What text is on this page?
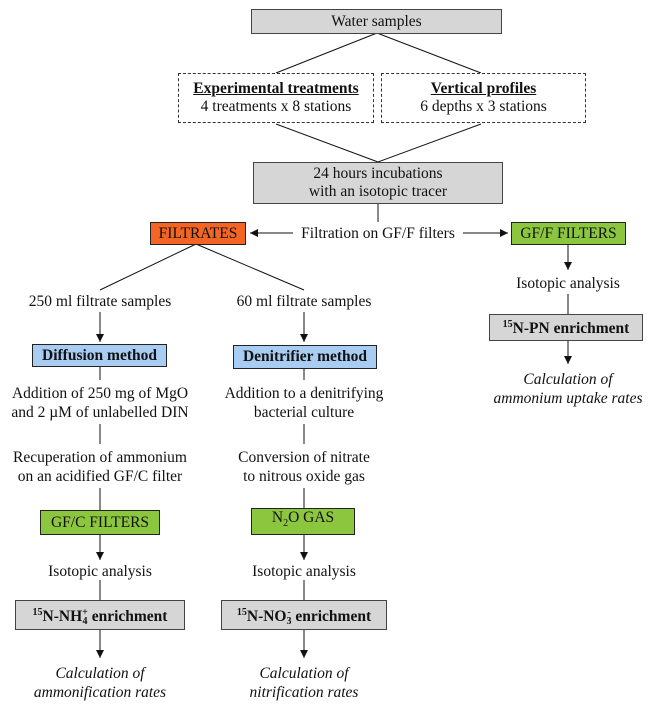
Water samples
Experimental treatments
4 treatments x 8 stations
Vertical profiles
6 depths x 3 stations
24 hours incubations
with an isotopic tracer
Filtration on GF/F filters
FILTRATES	GF/F FILTERS
250 ml filtrate samples
Diffusion method
Addition of 250 mg of MgO
and 2 µM of unlabelled DIN
Recuperation of ammonium
on an acidified GF/C filter
GF/C FILTERS
Isotopic analysis
$^{15}$N-NH +
4 enrichment
Calculation of
ammonification rates
60 ml filtrate samples
Denitrifier method
Addition to a denitrifying
bacterial culture
Conversion of nitrate
to nitrous oxide gas
$N_2O$ GAS
Isotopic analysis
$^{15}$N-NO -
3 enrichment
Calculation of
nitrification rates
Isotopic analysis
$^{15}$N-PN enrichment
Calculation of
ammonium uptake rates
